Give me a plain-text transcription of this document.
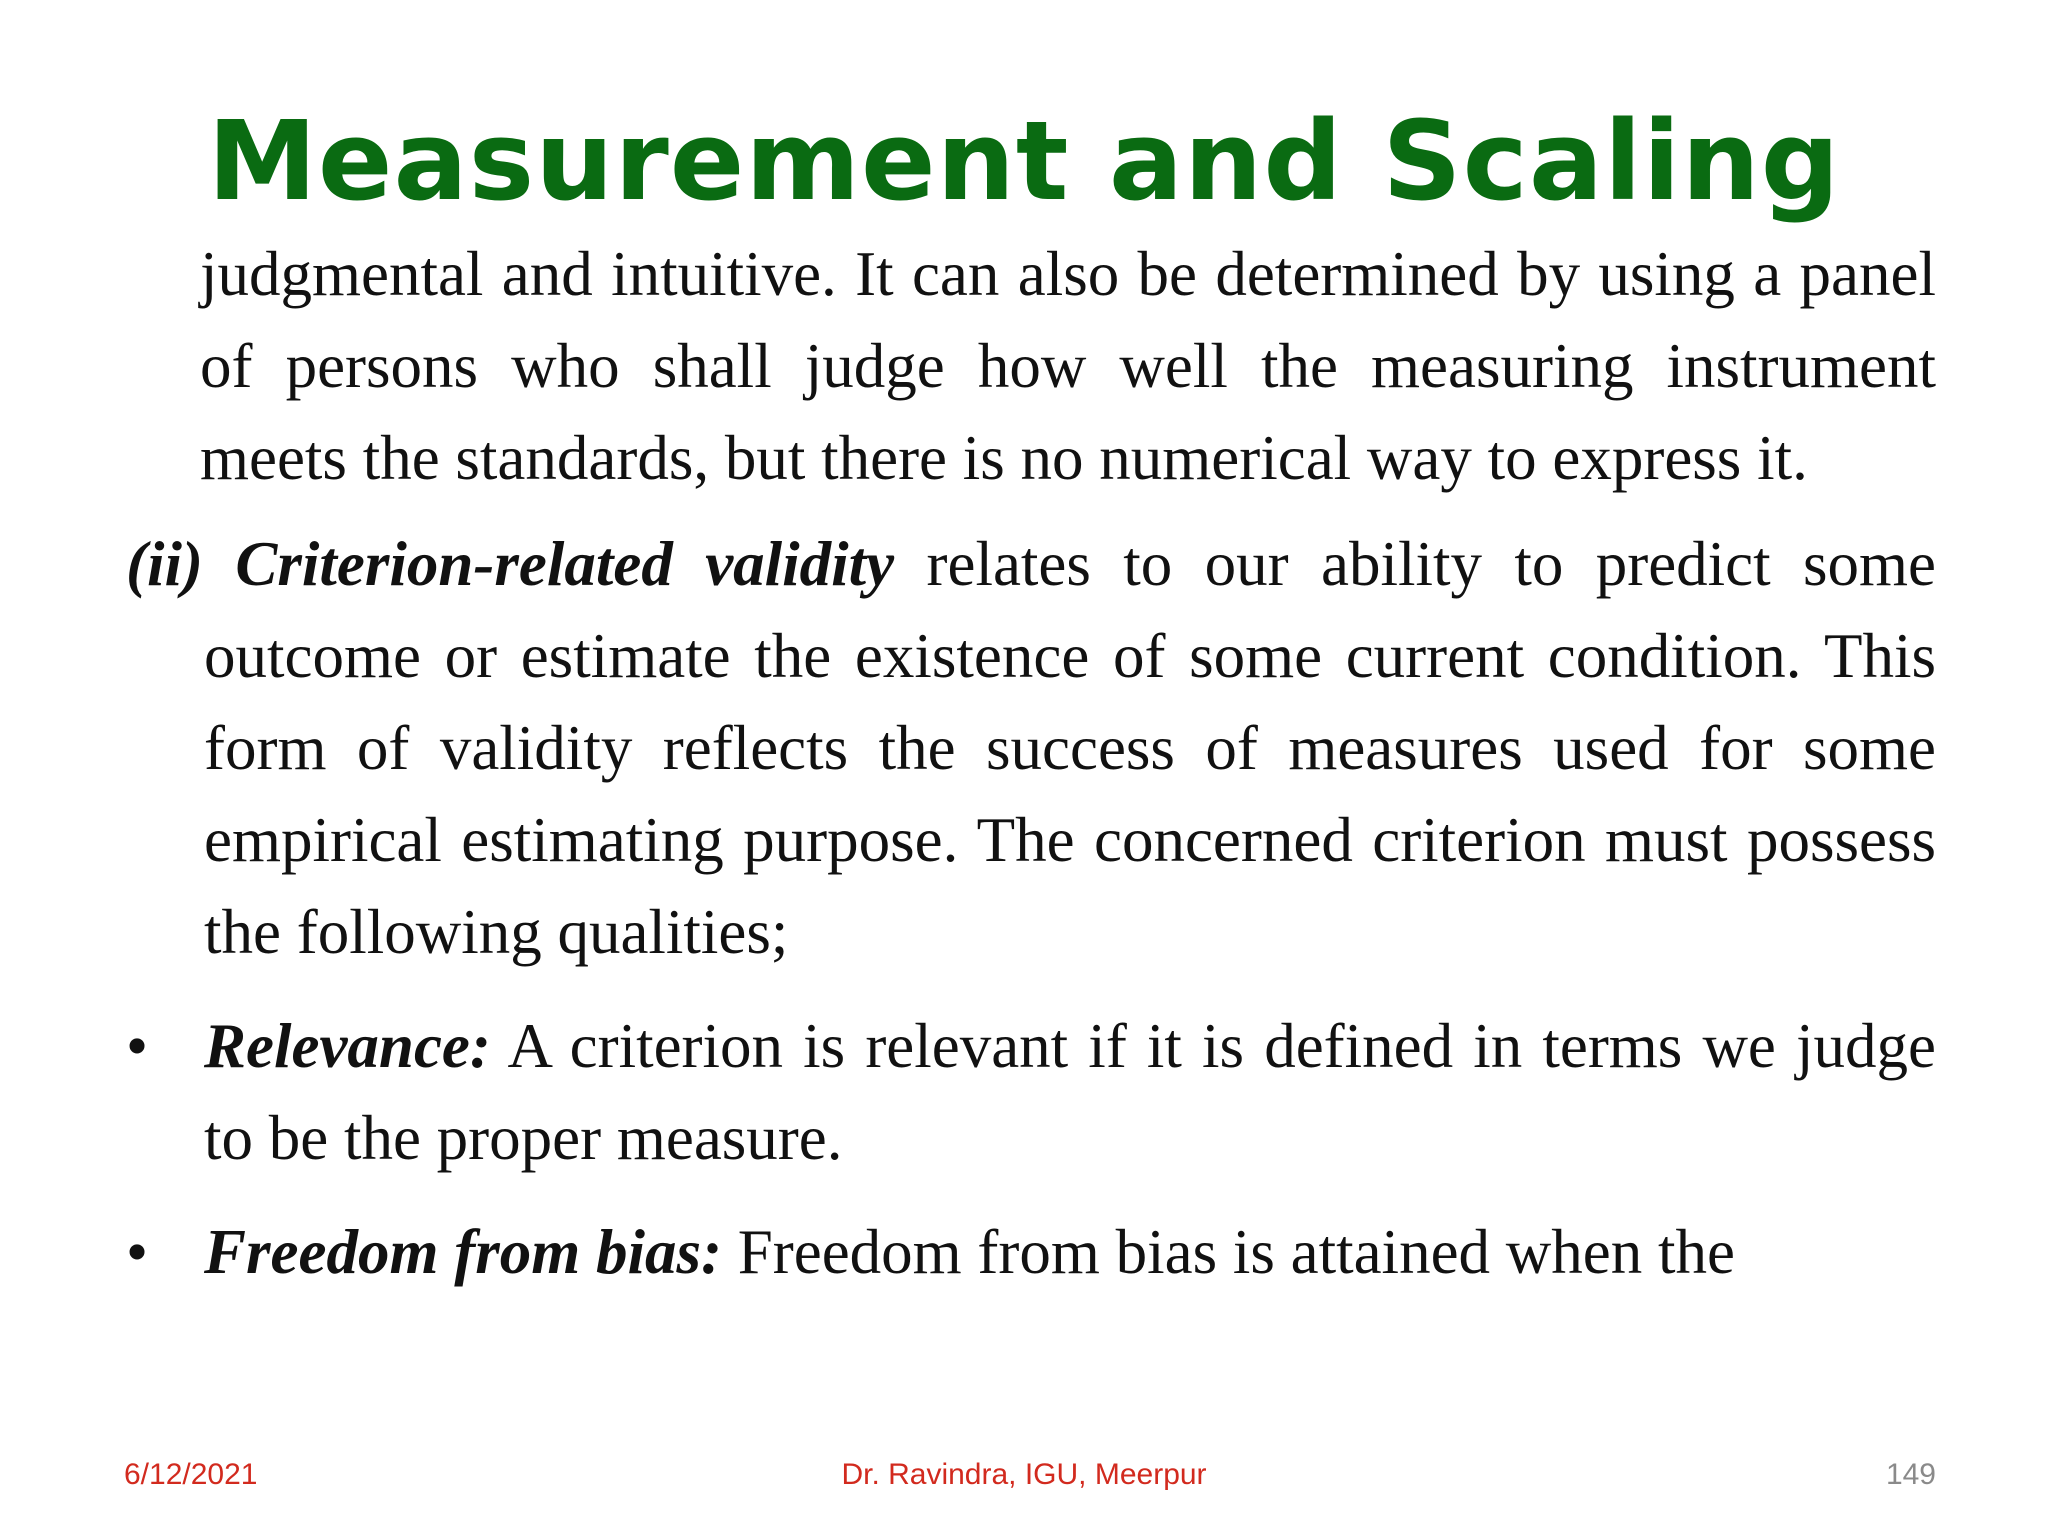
Measurement and Scaling

judgmental and intuitive. It can also be determined by using a panel of persons who shall judge how well the measuring instrument meets the standards, but there is no numerical way to express it.

(ii) Criterion-related validity relates to our ability to predict some outcome or estimate the existence of some current condition. This form of validity reflects the success of measures used for some empirical estimating purpose. The concerned criterion must possess the following qualities;

• Relevance: A criterion is relevant if it is defined in terms we judge to be the proper measure.
• Freedom from bias: Freedom from bias is attained when the
6/12/2021	Dr. Ravindra, IGU, Meerpur	149
